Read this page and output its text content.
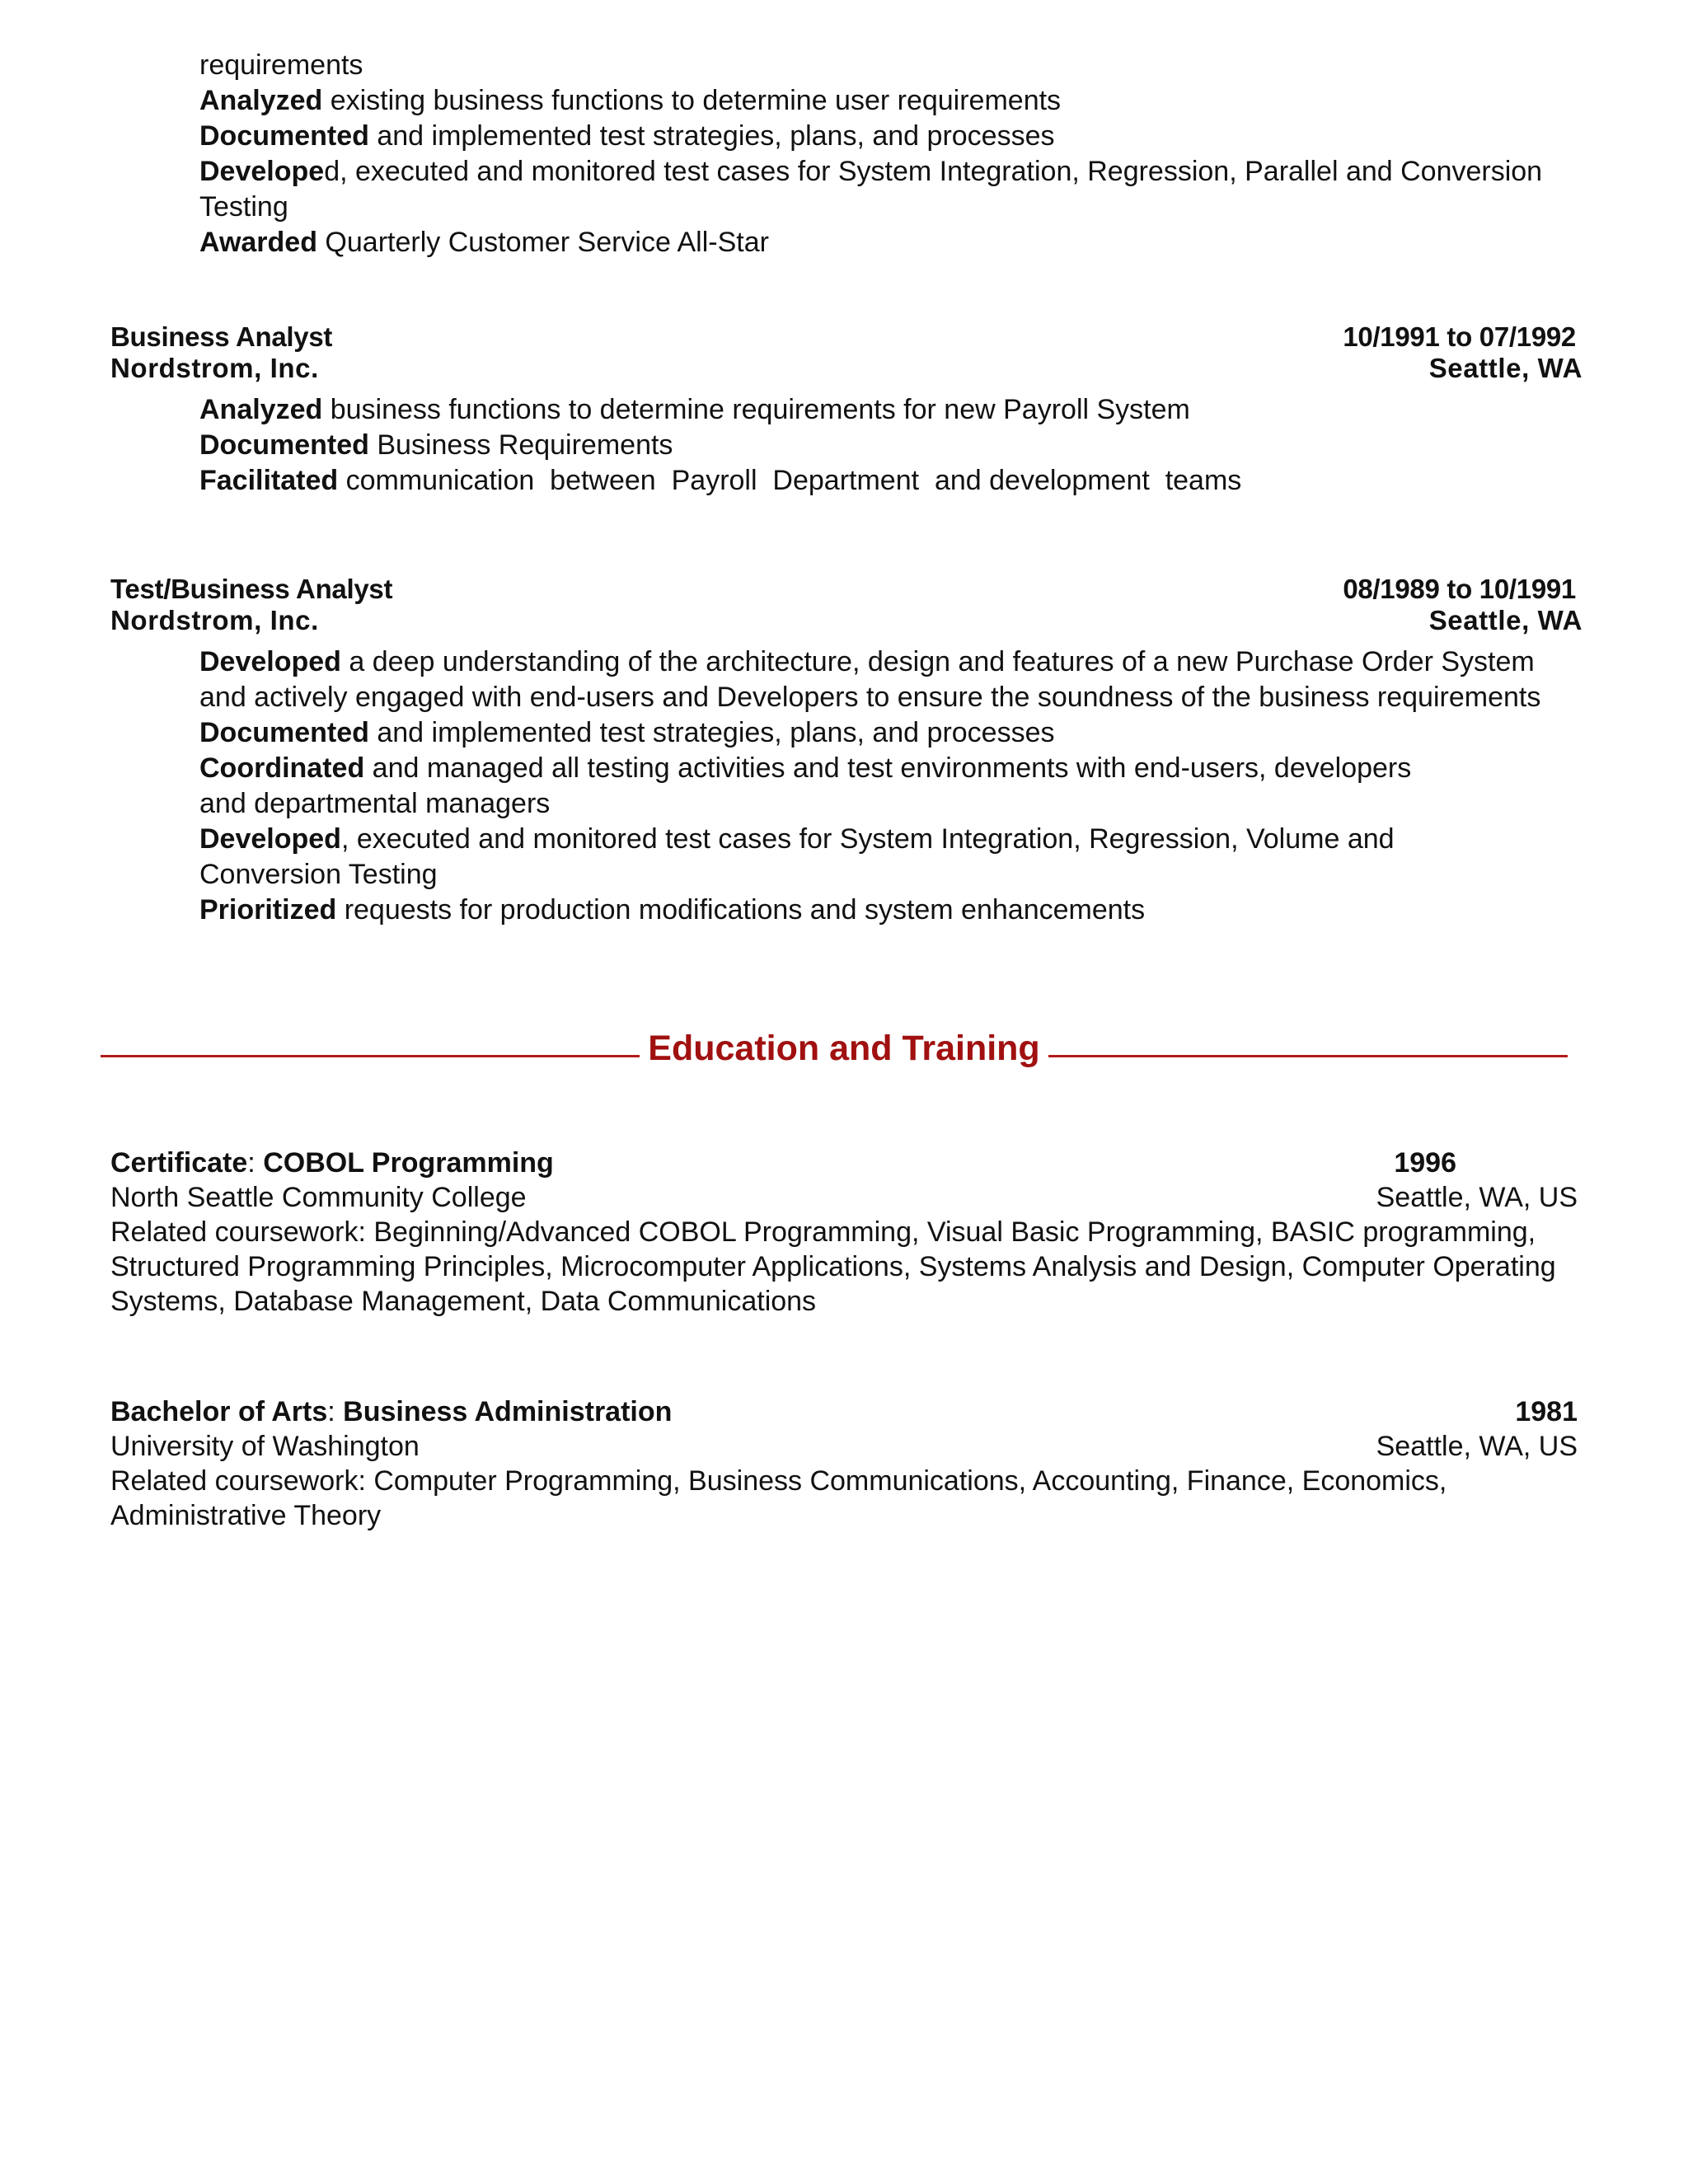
requirements
Analyzed existing business functions to determine user requirements
Documented and implemented test strategies, plans, and processes
Developed, executed and monitored test cases for System Integration, Regression, Parallel and Conversion Testing
Awarded Quarterly Customer Service All-Star
Business Analyst	10/1991 to 07/1992
Nordstrom, Inc.	Seattle, WA
Analyzed business functions to determine requirements for new Payroll System
Documented Business Requirements
Facilitated communication  between  Payroll  Department  and development  teams
Test/Business Analyst	08/1989 to 10/1991
Nordstrom, Inc.	Seattle, WA
Developed a deep understanding of the architecture, design and features of a new Purchase Order System and actively engaged with end-users and Developers to ensure the soundness of the business requirements
Documented and implemented test strategies, plans, and processes
Coordinated and managed all testing activities and test environments with end-users, developers and departmental managers
Developed, executed and monitored test cases for System Integration, Regression, Volume and Conversion Testing
Prioritized requests for production modifications and system enhancements
Education and Training
Certificate: COBOL Programming	1996
North Seattle Community College	Seattle, WA, US
Related coursework: Beginning/Advanced COBOL Programming, Visual Basic Programming, BASIC programming, Structured Programming Principles, Microcomputer Applications, Systems Analysis and Design, Computer Operating Systems, Database Management, Data Communications
Bachelor of Arts: Business Administration	1981
University of Washington	Seattle, WA, US
Related coursework: Computer Programming, Business Communications, Accounting, Finance, Economics, Administrative Theory
